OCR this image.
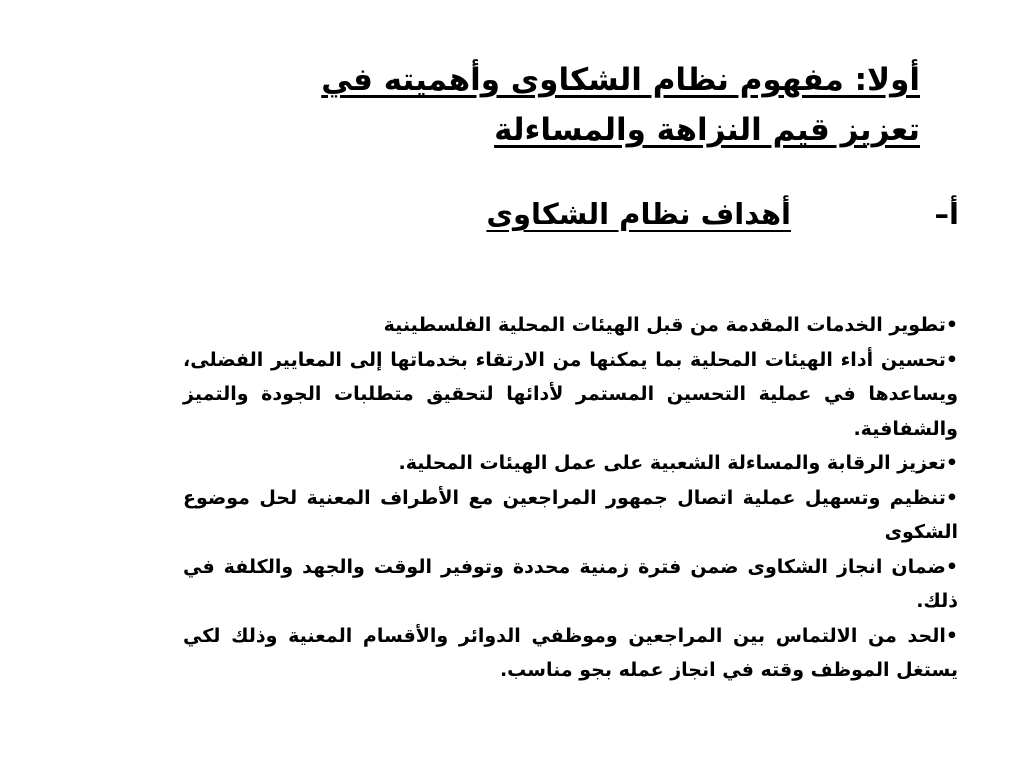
أولا: مفهوم نظام الشكاوى وأهميته في
تعزيز قيم النزاهة والمساءلة
أ–
أهداف نظام الشكاوى
•تطوير الخدمات المقدمة من قبل الهيئات المحلية الفلسطينية
•تحسين أداء الهيئات المحلية بما يمكنها من الارتقاء بخدماتها إلى المعايير الفضلى، ويساعدها في عملية التحسين المستمر لأدائها لتحقيق متطلبات الجودة والتميز والشفافية.
•تعزيز الرقابة والمساءلة الشعبية على عمل الهيئات المحلية.
•تنظيم وتسهيل عملية اتصال جمهور المراجعين مع الأطراف المعنية لحل موضوع الشكوى
•ضمان انجاز الشكاوى ضمن فترة زمنية محددة وتوفير الوقت والجهد والكلفة في ذلك.
•الحد من الالتماس بين المراجعين وموظفي الدوائر والأقسام المعنية وذلك لكي يستغل الموظف وقته في انجاز عمله بجو مناسب.
